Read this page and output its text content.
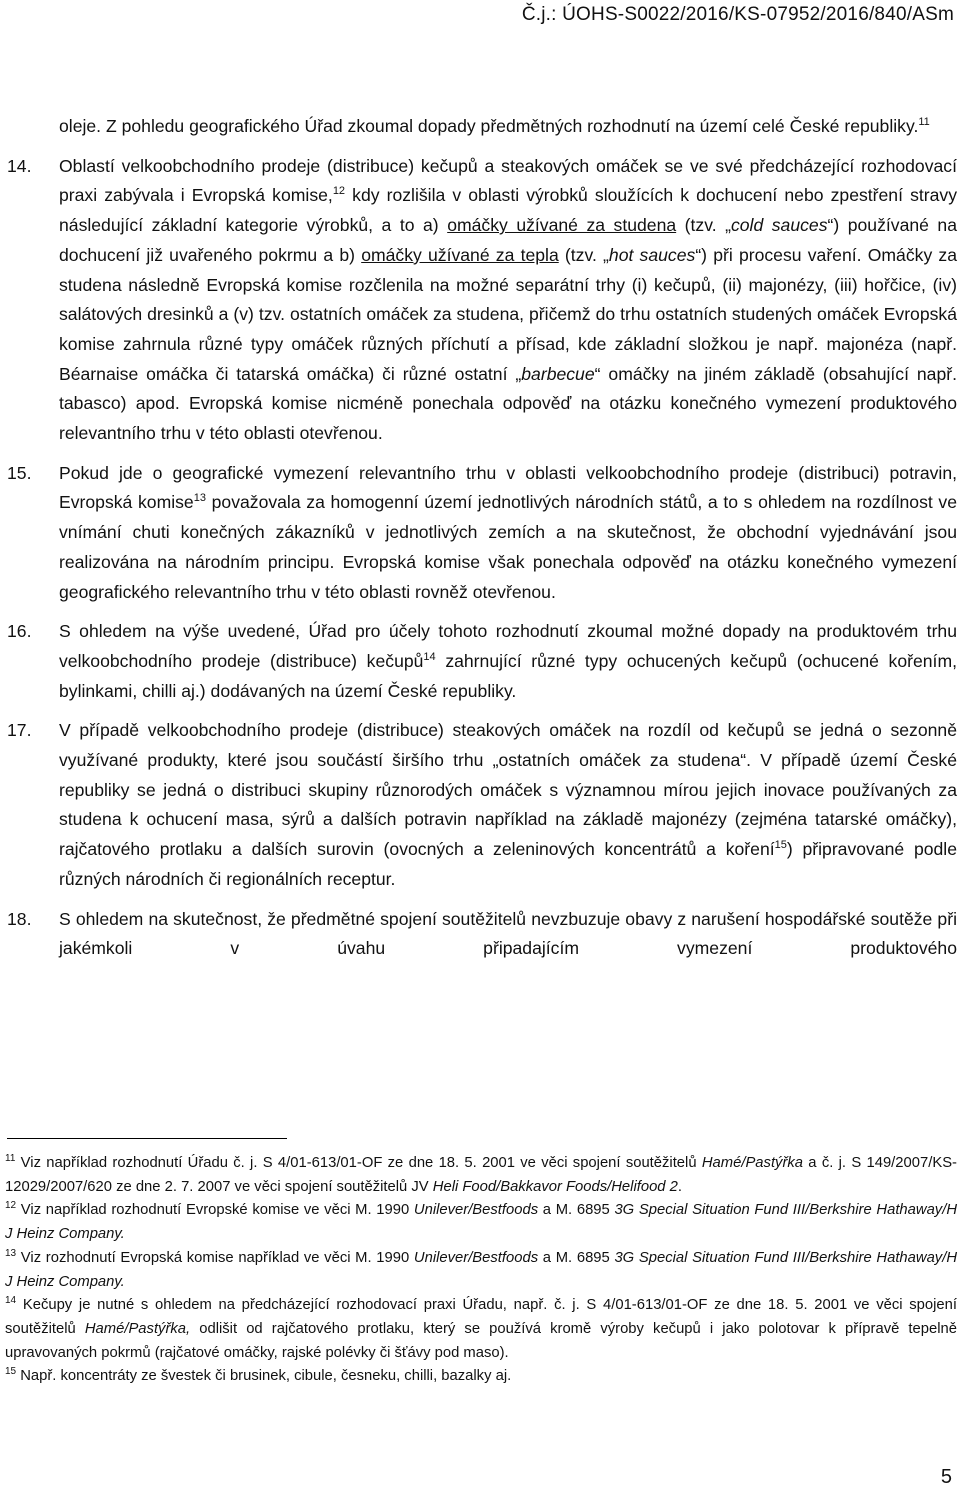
Č.j.: ÚOHS-S0022/2016/KS-07952/2016/840/ASm

oleje. Z pohledu geografického Úřad zkoumal dopady předmětných rozhodnutí na území celé České republiky.$^{11}$

14. Oblastí velkoobchodního prodeje (distribuce) kečupů a steakových omáček se ve své předcházející rozhodovací praxi zabývala i Evropská komise,$^{12}$ kdy rozlišila v oblasti výrobků sloužících k dochucení nebo zpestření stravy následující základní kategorie výrobků, a to a) omáčky užívané za studena (tzv. „cold sauces“) používané na dochucení již uvařeného pokrmu a b) omáčky užívané za tepla (tzv. „hot sauces“) při procesu vaření. Omáčky za studena následně Evropská komise rozčlenila na možné separátní trhy (i) kečupů, (ii) majonézy, (iii) hořčice, (iv) salátových dresinků a (v) tzv. ostatních omáček za studena, přičemž do trhu ostatních studených omáček Evropská komise zahrnula různé typy omáček různých příchutí a přísad, kde základní složkou je např. majonéza (např. Béarnaise omáčka či tatarská omáčka) či různé ostatní „barbecue“ omáčky na jiném základě (obsahující např. tabasco) apod. Evropská komise nicméně ponechala odpověď na otázku konečného vymezení produktového relevantního trhu v této oblasti otevřenou.

15. Pokud jde o geografické vymezení relevantního trhu v oblasti velkoobchodního prodeje (distribuci) potravin, Evropská komise$^{13}$ považovala za homogenní území jednotlivých národních států, a to s ohledem na rozdílnost ve vnímání chuti konečných zákazníků v jednotlivých zemích a na skutečnost, že obchodní vyjednávání jsou realizována na národním principu. Evropská komise však ponechala odpověď na otázku konečného vymezení geografického relevantního trhu v této oblasti rovněž otevřenou.

16. S ohledem na výše uvedené, Úřad pro účely tohoto rozhodnutí zkoumal možné dopady na produktovém trhu velkoobchodního prodeje (distribuce) kečupů$^{14}$ zahrnující různé typy ochucených kečupů (ochucené kořením, bylinkami, chilli aj.) dodávaných na území České republiky.

17. V případě velkoobchodního prodeje (distribuce) steakových omáček na rozdíl od kečupů se jedná o sezonně využívané produkty, které jsou součástí širšího trhu „ostatních omáček za studena“. V případě území České republiky se jedná o distribuci skupiny různorodých omáček s významnou mírou jejich inovace používaných za studena k ochucení masa, sýrů a dalších potravin například na základě majonézy (zejména tatarské omáčky), rajčatového protlaku a dalších surovin (ovocných a zeleninových koncentrátů a koření$^{15}$) připravované podle různých národních či regionálních receptur.

18. S ohledem na skutečnost, že předmětné spojení soutěžitelů nevzbuzuje obavy z narušení hospodářské soutěže při jakémkoli v úvahu připadajícím vymezení produktového

$^{11}$ Viz například rozhodnutí Úřadu č. j. S 4/01-613/01-OF ze dne 18. 5. 2001 ve věci spojení soutěžitelů Hamé/Pastýřka a č. j. S 149/2007/KS-12029/2007/620 ze dne 2. 7. 2007 ve věci spojení soutěžitelů JV Heli Food/Bakkavor Foods/Helifood 2.

$^{12}$ Viz například rozhodnutí Evropské komise ve věci M. 1990 Unilever/Bestfoods a M. 6895 3G Special Situation Fund III/Berkshire Hathaway/H J Heinz Company.

$^{13}$ Viz rozhodnutí Evropská komise například ve věci M. 1990 Unilever/Bestfoods a M. 6895 3G Special Situation Fund III/Berkshire Hathaway/H J Heinz Company.

$^{14}$ Kečupy je nutné s ohledem na předcházející rozhodovací praxi Úřadu, např. č. j. S 4/01-613/01-OF ze dne 18. 5. 2001 ve věci spojení soutěžitelů Hamé/Pastýřka, odlišit od rajčatového protlaku, který se používá kromě výroby kečupů i jako polotovar k přípravě tepelně upravovaných pokrmů (rajčatové omáčky, rajské polévky či šťávy pod maso).

$^{15}$ Např. koncentráty ze švestek či brusinek, cibule, česneku, chilli, bazalky aj.

5
